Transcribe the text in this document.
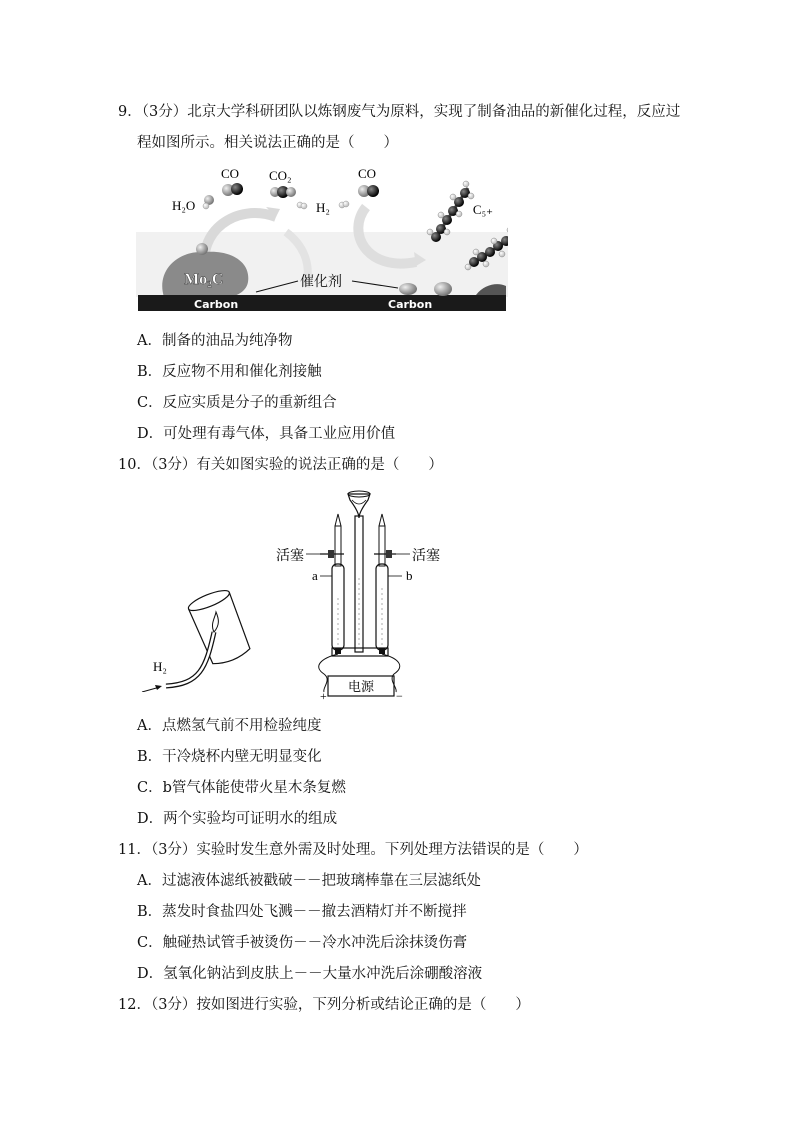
9．（3分）北京大学科研团队以炼钢废气为原料，实现了制备油品的新催化过程，反应过
程如图所示。相关说法正确的是（　　）
Mo₂C
Carbon	Carbon
催化剂
H₂O
CO CO₂
H₂
CO
C₅₊
A．制备的油品为纯净物
B．反应物不用和催化剂接触
C．反应实质是分子的重新组合
D．可处理有毒气体，具备工业应用价值
10．（3分）有关如图实验的说法正确的是（　　）
H₂
电源
+	−
活塞	活塞
a	b
A．点燃氢气前不用检验纯度
B．干冷烧杯内壁无明显变化
C．b管气体能使带火星木条复燃
D．两个实验均可证明水的组成
11．（3分）实验时发生意外需及时处理。下列处理方法错误的是（　　）
A．过滤液体滤纸被戳破－－把玻璃棒靠在三层滤纸处
B．蒸发时食盐四处飞溅－－撤去酒精灯并不断搅拌
C．触碰热试管手被烫伤－－冷水冲洗后涂抹烫伤膏
D．氢氧化钠沾到皮肤上－－大量水冲洗后涂硼酸溶液
12．（3分）按如图进行实验，下列分析或结论正确的是（　　）
